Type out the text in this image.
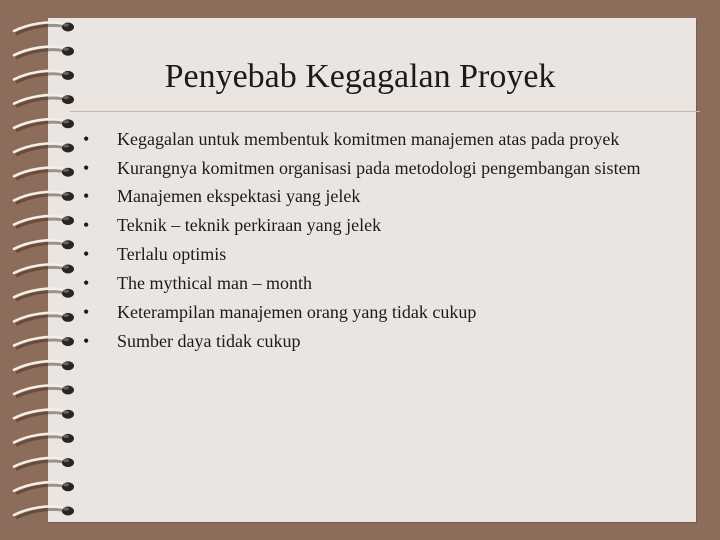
Penyebab Kegagalan Proyek
• Kegagalan untuk membentuk komitmen manajemen atas pada proyek
• Kurangnya komitmen organisasi pada metodologi pengembangan sistem
• Manajemen ekspektasi yang jelek
• Teknik – teknik perkiraan yang jelek
• Terlalu optimis
• The mythical man – month
• Keterampilan manajemen orang yang tidak cukup
• Sumber daya tidak cukup
